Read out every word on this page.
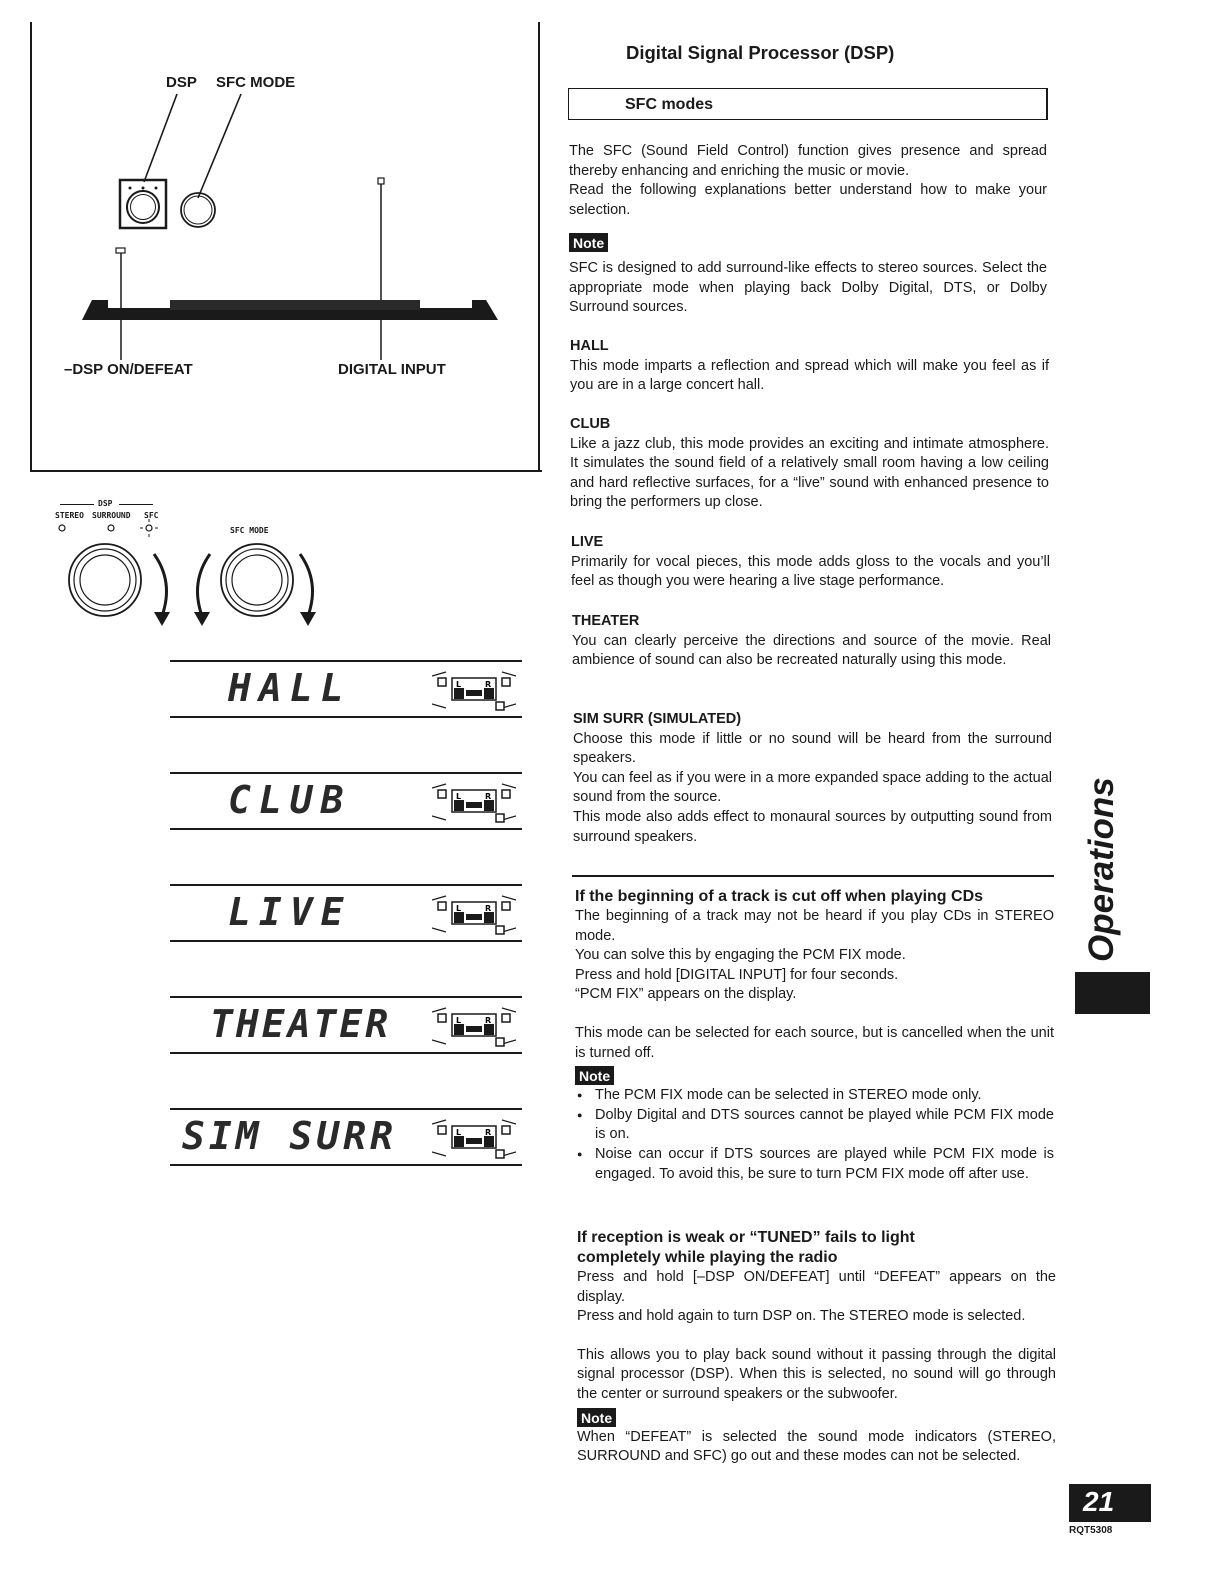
DSP SFC MODE
–DSP ON/DEFEAT	DIGITAL INPUT
DSP
STEREO SURROUND SFC
SFC MODE
HALL	L	R
CLUB	L	R
LIVE	L	R
THEATER	L	R
SIM SURR	L	R
Digital Signal Processor (DSP)
SFC modes
The SFC (Sound Field Control) function gives presence and spread thereby enhancing and enriching the music or movie.
Read the following explanations better understand how to make your selection.
Note
SFC is designed to add surround-like effects to stereo sources. Select the appropriate mode when playing back Dolby Digital, DTS, or Dolby Surround sources.
HALL
This mode imparts a reflection and spread which will make you feel as if you are in a large concert hall.
CLUB
Like a jazz club, this mode provides an exciting and intimate atmosphere. It simulates the sound field of a relatively small room having a low ceiling and hard reflective surfaces, for a “live” sound with enhanced presence to bring the performers up close.
LIVE
Primarily for vocal pieces, this mode adds gloss to the vocals and you’ll feel as though you were hearing a live stage performance.
THEATER
You can clearly perceive the directions and source of the movie. Real ambience of sound can also be recreated naturally using this mode.
SIM SURR (SIMULATED)
Choose this mode if little or no sound will be heard from the surround speakers.
You can feel as if you were in a more expanded space adding to the actual sound from the source.
This mode also adds effect to monaural sources by outputting sound from surround speakers.
If the beginning of a track is cut off when playing CDs
The beginning of a track may not be heard if you play CDs in STEREO mode.
You can solve this by engaging the PCM FIX mode.
Press and hold [DIGITAL INPUT] for four seconds.
“PCM FIX” appears on the display.
This mode can be selected for each source, but is cancelled when the unit is turned off.
Note
● The PCM FIX mode can be selected in STEREO mode only.
● Dolby Digital and DTS sources cannot be played while PCM FIX mode is on.
● Noise can occur if DTS sources are played while PCM FIX mode is engaged. To avoid this, be sure to turn PCM FIX mode off after use.
If reception is weak or “TUNED” fails to light
completely while playing the radio
Press and hold [–DSP ON/DEFEAT] until “DEFEAT” appears on the display.
Press and hold again to turn DSP on. The STEREO mode is selected.
This allows you to play back sound without it passing through the digital signal processor (DSP). When this is selected, no sound will go through the center or surround speakers or the subwoofer.
Note
When “DEFEAT” is selected the sound mode indicators (STEREO, SURROUND and SFC) go out and these modes can not be selected.
Operations
21
RQT5308
